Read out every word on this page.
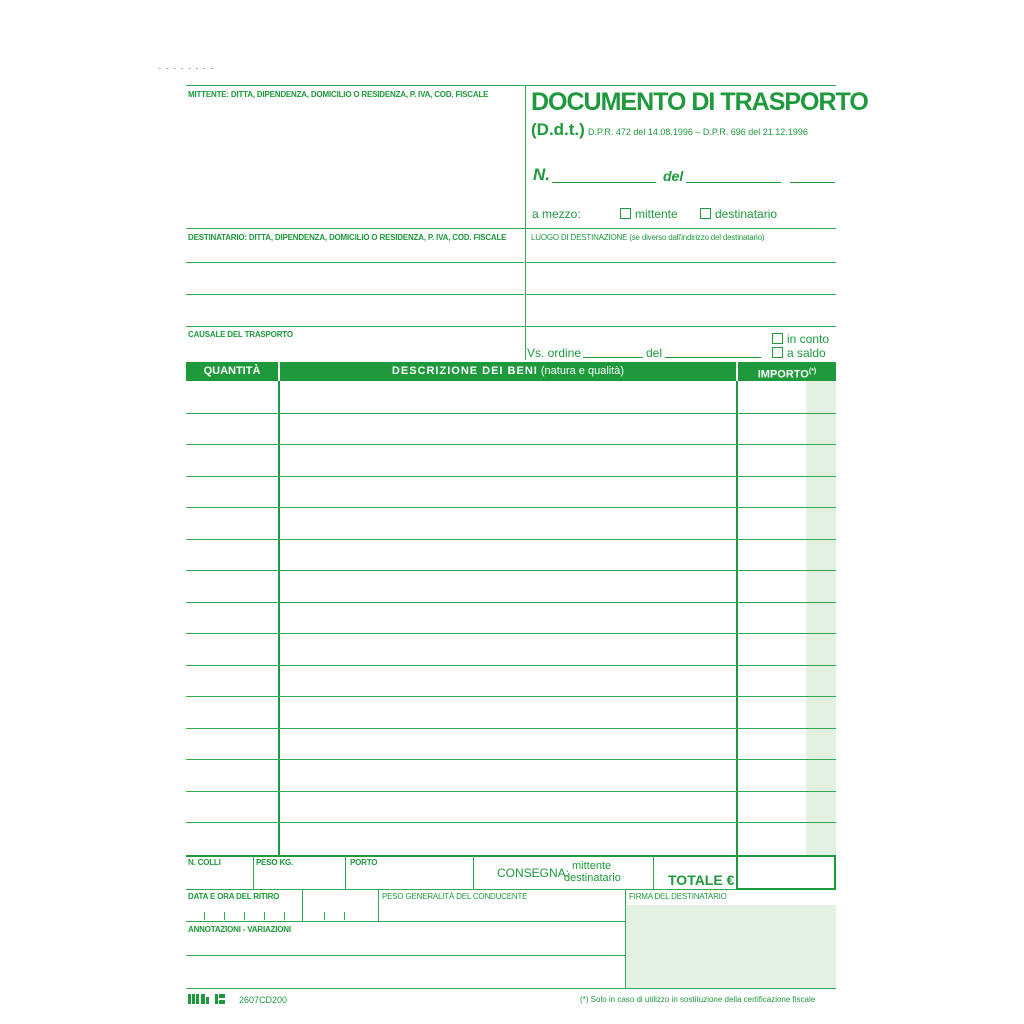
- - - - - - - -
MITTENTE: DITTA, DIPENDENZA, DOMICILIO O RESIDENZA, P. IVA, COD. FISCALE DOCUMENTO DI TRASPORTO
(D.d.t.) D.P.R. 472 del 14.08.1996 – D.P.R. 696 del 21.12.1996
N.	del
a mezzo:	mittente	destinatario
DESTINATARIO: DITTA, DIPENDENZA, DOMICILIO O RESIDENZA, P. IVA, COD. FISCALE	LUOGO DI DESTINAZIONE (se diverso dall'indirizzo del destinatario)
CAUSALE DEL TRASPORTO
Vs. ordine	del
in conto
a saldo
QUANTITÀ	DESCRIZIONE DEI BENI (natura e qualità)	IMPORTO(*)
N. COLLI	PESO KG.	PORTO
CONSEGNA: mittente
destinatario	TOTALE €
DATA E ORA DEL RITIRO	PESO GENERALITÀ DEL CONDUCENTE	FIRMA DEL DESTINATARIO
ANNOTAZIONI - VARIAZIONI
2607CD200	(*) Solo in caso di utilizzo in sostituzione della certificazione fiscale
